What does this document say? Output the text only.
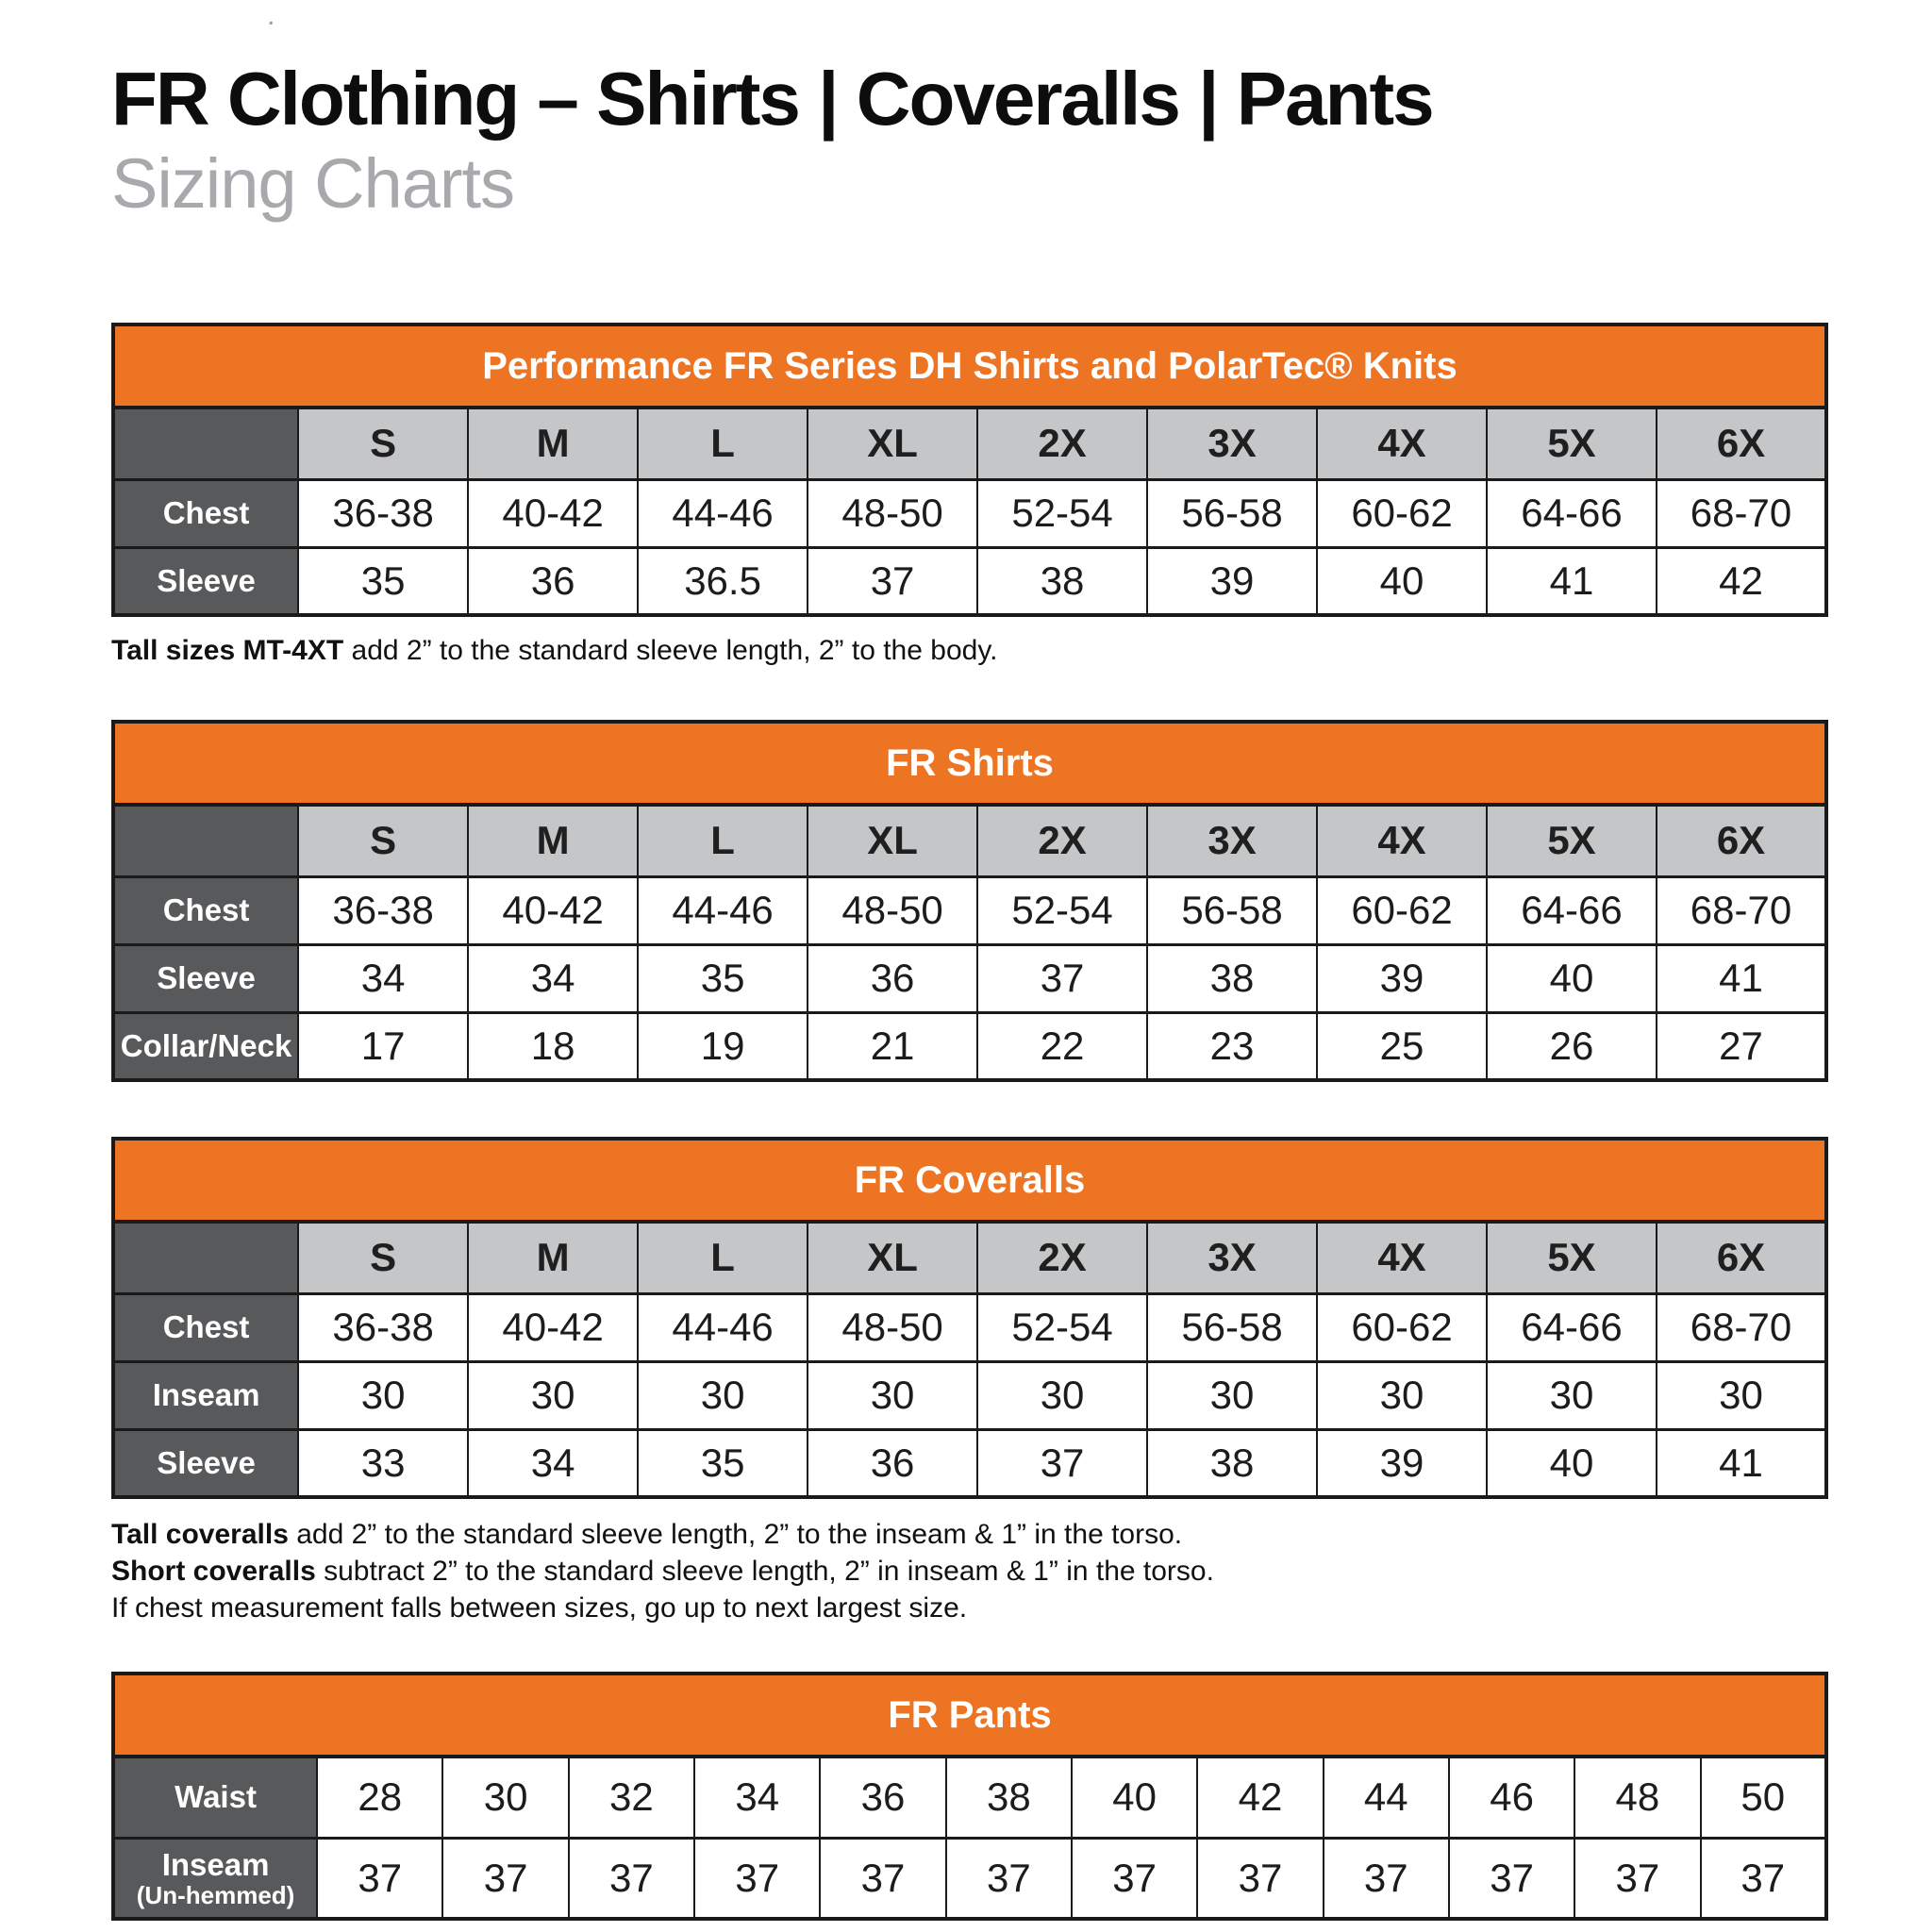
.
FR Clothing – Shirts | Coveralls | Pants
Sizing Charts
Performance FR Series DH Shirts and PolarTec® Knits									
	S	M	L	XL	2X	3X	4X	5X	6X
Chest	36-38	40-42	44-46	48-50	52-54	56-58	60-62	64-66	68-70
Sleeve	35	36	36.5	37	38	39	40	41	42
Tall sizes MT-4XT add 2” to the standard sleeve length, 2” to the body.
FR Shirts									
	S	M	L	XL	2X	3X	4X	5X	6X
Chest	36-38	40-42	44-46	48-50	52-54	56-58	60-62	64-66	68-70
Sleeve	34	34	35	36	37	38	39	40	41
Collar/Neck	17	18	19	21	22	23	25	26	27
FR Coveralls									
	S	M	L	XL	2X	3X	4X	5X	6X
Chest	36-38	40-42	44-46	48-50	52-54	56-58	60-62	64-66	68-70
Inseam	30	30	30	30	30	30	30	30	30
Sleeve	33	34	35	36	37	38	39	40	41
Tall coveralls add 2” to the standard sleeve length, 2” to the inseam & 1” in the torso.
Short coveralls subtract 2” to the standard sleeve length, 2” in inseam & 1” in the torso.
If chest measurement falls between sizes, go up to next largest size.
FR Pants												
Waist	28	30	32	34	36	38	40	42	44	46	48	50
Inseam
(Un-hemmed)	37	37	37	37	37	37	37	37	37	37	37	37
